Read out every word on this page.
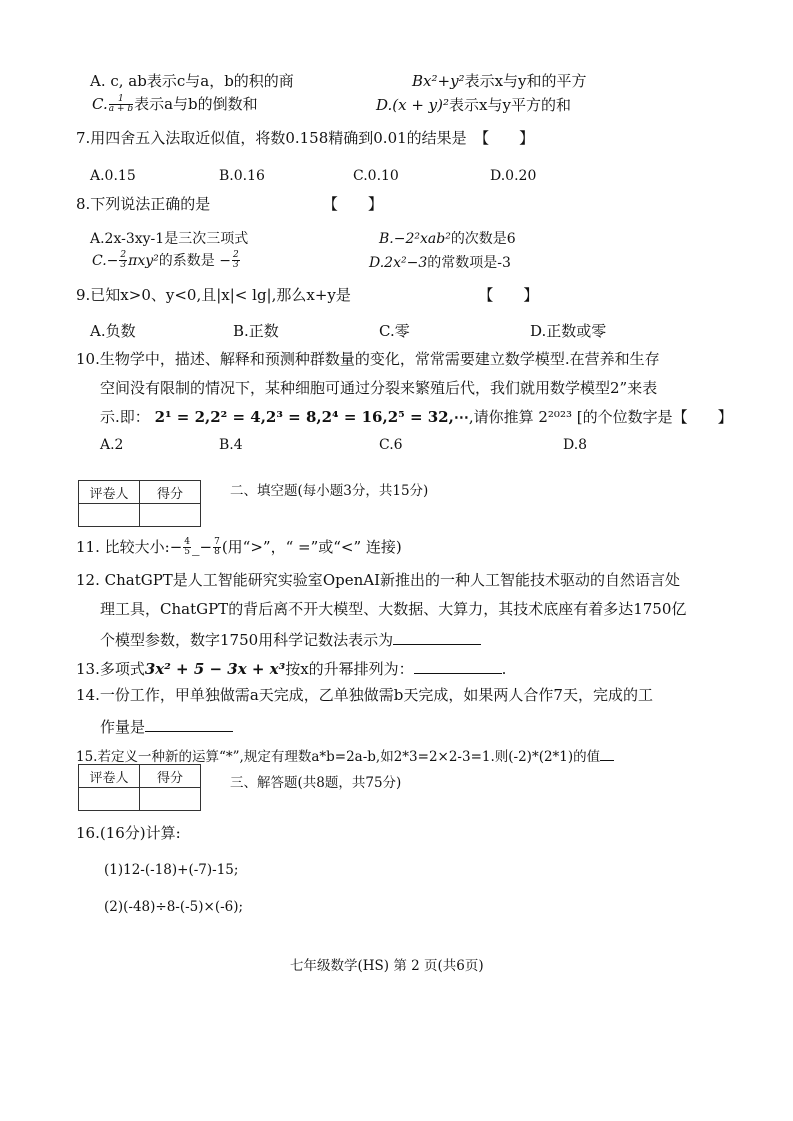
A. c, ab表示c与a，b的积的商	Bx²+y²表示x与y和的平方
C. $\frac{1}{a + b}$ 表示a与b的倒数和	D.(x + y)²表示x与y平方的和
7.用四舍五入法取近似值，将数0.158精确到0.01的结果是　【　　】
A.0.15	B.0.16	C.0.10	D.0.20
8.下列说法正确的是　　　　　　　　【　　】
A.2x-3xy-1是三次三项式	B.−2²xab²的次数是6
$C.- \frac{2}{3} \pi xy^2$的系数是 − $\frac{2}{3}$	D.2x²−3的常数项是-3
9.已知x>0、y<0,且|x|< lg|,那么x+y是　　　　　　　　　【　　】
A.负数	B.正数	C.零	D.正数或零
10.生物学中，描述、解释和预测种群数量的变化，常常需要建立数学模型.在营养和生存
空间没有限制的情况下，某种细胞可通过分裂来繁殖后代，我们就用数学模型2”来表
示.即： 2¹ = 2,2² = 4,2³ = 8,2⁴ = 16,2⁵ = 32,⋯,请你推算 2²⁰²³ [的个位数字是【　　】
A.2	B.4	C.6	D.8
评卷人	得分
		二、填空题(每小题3分，共15分)
11. 比较大小:− $\frac{4}{5}$ _− $\frac{7}{8}$ (用“>”，“ =”或“<” 连接)
12. ChatGPT是人工智能研究实验室OpenAI新推出的一种人工智能技术驱动的自然语言处
理工具，ChatGPT的背后离不开大模型、大数据、大算力，其技术底座有着多达1750亿
个模型参数，数字1750用科学记数法表示为
13.多项式3x² + 5 − 3x + x³按x的升幂排列为：	.
14.一份工作，甲单独做需a天完成，乙单独做需b天完成，如果两人合作7天，完成的工
作量是
15.若定义一种新的运算“*”,规定有理数a*b=2a-b,如2*3=2×2-3=1.则(-2)*(2*1)的值
评卷人	得分
		三、解答题(共8题，共75分)
16.(16分)计算:
(1)12-(-18)+(-7)-15;
(2)(-48)÷8-(-5)×(-6);
七年级数学(HS) 第 2 页(共6页)
